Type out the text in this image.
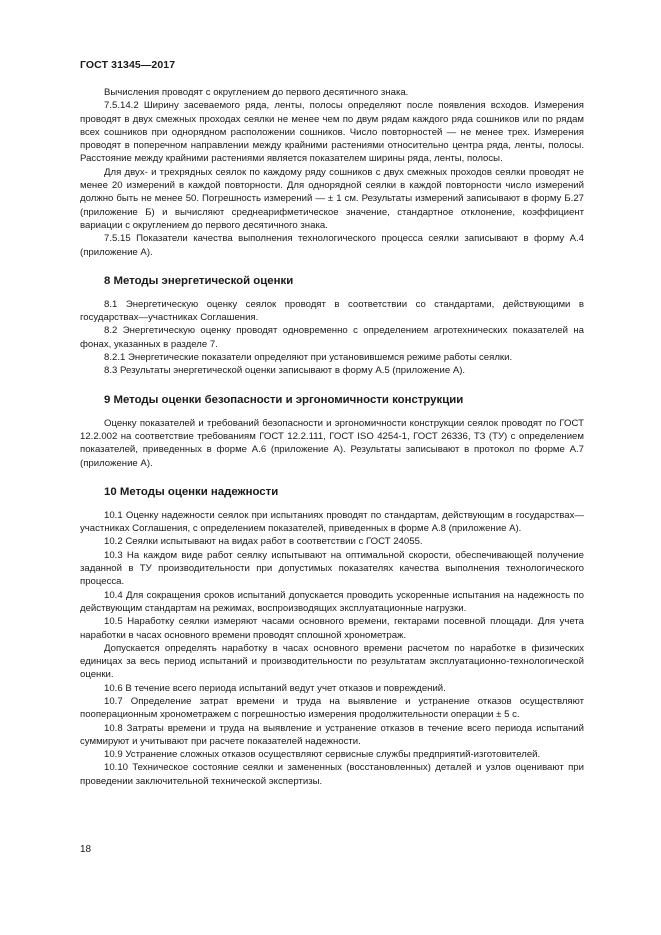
ГОСТ 31345—2017

Вычисления проводят с округлением до первого десятичного знака.

7.5.14.2 Ширину засеваемого ряда, ленты, полосы определяют после появления всходов. Измерения проводят в двух смежных проходах сеялки не менее чем по двум рядам каждого ряда сошников или по рядам всех сошников при однорядном расположении сошников. Число повторностей — не менее трех. Измерения проводят в поперечном направлении между крайними растениями относительно центра ряда, ленты, полосы. Расстояние между крайними растениями является показателем ширины ряда, ленты, полосы.

Для двух- и трехрядных сеялок по каждому ряду сошников с двух смежных проходов сеялки проводят не менее 20 измерений в каждой повторности. Для однорядной сеялки в каждой повторности число измерений должно быть не менее 50. Погрешность измерений — ± 1 см. Результаты измерений записывают в форму Б.27 (приложение Б) и вычисляют среднеарифметическое значение, стандартное отклонение, коэффициент вариации с округлением до первого десятичного знака.

7.5.15 Показатели качества выполнения технологического процесса сеялки записывают в форму А.4 (приложение А).

8 Методы энергетической оценки

8.1 Энергетическую оценку сеялок проводят в соответствии со стандартами, действующими в государствах—участниках Соглашения.

8.2 Энергетическую оценку проводят одновременно с определением агротехнических показателей на фонах, указанных в разделе 7.

8.2.1 Энергетические показатели определяют при установившемся режиме работы сеялки.

8.3 Результаты энергетической оценки записывают в форму А.5 (приложение А).

9 Методы оценки безопасности и эргономичности конструкции

Оценку показателей и требований безопасности и эргономичности конструкции сеялок проводят по ГОСТ 12.2.002 на соответствие требованиям ГОСТ 12.2.111, ГОСТ ISO 4254-1, ГОСТ 26336, ТЗ (ТУ) с определением показателей, приведенных в форме А.6 (приложение А). Результаты записывают в протокол по форме А.7 (приложение А).

10 Методы оценки надежности

10.1 Оценку надежности сеялок при испытаниях проводят по стандартам, действующим в государствах—участниках Соглашения, с определением показателей, приведенных в форме А.8 (приложение А).

10.2 Сеялки испытывают на видах работ в соответствии с ГОСТ 24055.

10.3 На каждом виде работ сеялку испытывают на оптимальной скорости, обеспечивающей получение заданной в ТУ производительности при допустимых показателях качества выполнения технологического процесса.

10.4 Для сокращения сроков испытаний допускается проводить ускоренные испытания на надежность по действующим стандартам на режимах, воспроизводящих эксплуатационные нагрузки.

10.5 Наработку сеялки измеряют часами основного времени, гектарами посевной площади. Для учета наработки в часах основного времени проводят сплошной хронометраж.

Допускается определять наработку в часах основного времени расчетом по наработке в физических единицах за весь период испытаний и производительности по результатам эксплуатационно-технологической оценки.

10.6 В течение всего периода испытаний ведут учет отказов и повреждений.

10.7 Определение затрат времени и труда на выявление и устранение отказов осуществляют пооперационным хронометражем с погрешностью измерения продолжительности операции ± 5 с.

10.8 Затраты времени и труда на выявление и устранение отказов в течение всего периода испытаний суммируют и учитывают при расчете показателей надежности.

10.9 Устранение сложных отказов осуществляют сервисные службы предприятий-изготовителей.

10.10 Техническое состояние сеялки и замененных (восстановленных) деталей и узлов оценивают при проведении заключительной технической экспертизы.

18
